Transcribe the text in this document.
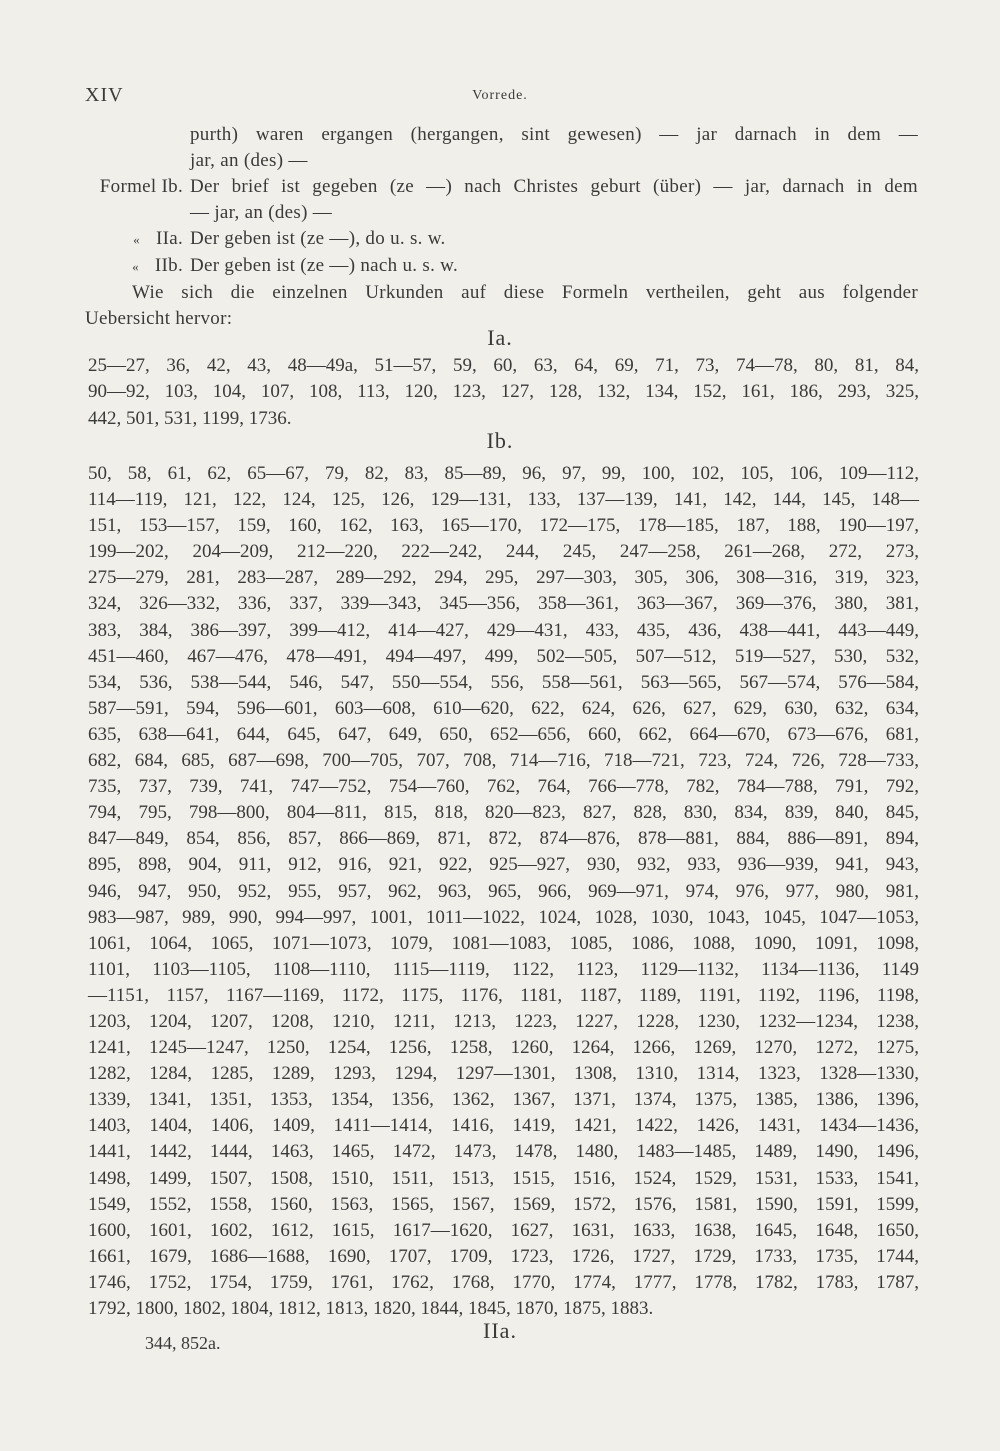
XIV	Vorrede.
purth) waren ergangen (hergangen, sint gewesen) — jar darnach in dem —
jar, an (des) —
Formel Ib. Der brief ist gegeben (ze —) nach Christes geburt (über) — jar, darnach in dem
— jar, an (des) —
« IIa. Der geben ist (ze —), do u. s. w.
« IIb. Der geben ist (ze —) nach u. s. w.
Wie sich die einzelnen Urkunden auf diese Formeln vertheilen, geht aus folgender
Uebersicht hervor:
Ia.
25—27, 36, 42, 43, 48—49a, 51—57, 59, 60, 63, 64, 69, 71, 73, 74—78, 80, 81, 84,
90—92, 103, 104, 107, 108, 113, 120, 123, 127, 128, 132, 134, 152, 161, 186, 293, 325,
442, 501, 531, 1199, 1736.
Ib.
50, 58, 61, 62, 65—67, 79, 82, 83, 85—89, 96, 97, 99, 100, 102, 105, 106, 109—112,
114—119, 121, 122, 124, 125, 126, 129—131, 133, 137—139, 141, 142, 144, 145, 148—
151, 153—157, 159, 160, 162, 163, 165—170, 172—175, 178—185, 187, 188, 190—197,
199—202, 204—209, 212—220, 222—242, 244, 245, 247—258, 261—268, 272, 273,
275—279, 281, 283—287, 289—292, 294, 295, 297—303, 305, 306, 308—316, 319, 323,
324, 326—332, 336, 337, 339—343, 345—356, 358—361, 363—367, 369—376, 380, 381,
383, 384, 386—397, 399—412, 414—427, 429—431, 433, 435, 436, 438—441, 443—449,
451—460, 467—476, 478—491, 494—497, 499, 502—505, 507—512, 519—527, 530, 532,
534, 536, 538—544, 546, 547, 550—554, 556, 558—561, 563—565, 567—574, 576—584,
587—591, 594, 596—601, 603—608, 610—620, 622, 624, 626, 627, 629, 630, 632, 634,
635, 638—641, 644, 645, 647, 649, 650, 652—656, 660, 662, 664—670, 673—676, 681,
682, 684, 685, 687—698, 700—705, 707, 708, 714—716, 718—721, 723, 724, 726, 728—733,
735, 737, 739, 741, 747—752, 754—760, 762, 764, 766—778, 782, 784—788, 791, 792,
794, 795, 798—800, 804—811, 815, 818, 820—823, 827, 828, 830, 834, 839, 840, 845,
847—849, 854, 856, 857, 866—869, 871, 872, 874—876, 878—881, 884, 886—891, 894,
895, 898, 904, 911, 912, 916, 921, 922, 925—927, 930, 932, 933, 936—939, 941, 943,
946, 947, 950, 952, 955, 957, 962, 963, 965, 966, 969—971, 974, 976, 977, 980, 981,
983—987, 989, 990, 994—997, 1001, 1011—1022, 1024, 1028, 1030, 1043, 1045, 1047—1053,
1061, 1064, 1065, 1071—1073, 1079, 1081—1083, 1085, 1086, 1088, 1090, 1091, 1098,
1101, 1103—1105, 1108—1110, 1115—1119, 1122, 1123, 1129—1132, 1134—1136, 1149
—1151, 1157, 1167—1169, 1172, 1175, 1176, 1181, 1187, 1189, 1191, 1192, 1196, 1198,
1203, 1204, 1207, 1208, 1210, 1211, 1213, 1223, 1227, 1228, 1230, 1232—1234, 1238,
1241, 1245—1247, 1250, 1254, 1256, 1258, 1260, 1264, 1266, 1269, 1270, 1272, 1275,
1282, 1284, 1285, 1289, 1293, 1294, 1297—1301, 1308, 1310, 1314, 1323, 1328—1330,
1339, 1341, 1351, 1353, 1354, 1356, 1362, 1367, 1371, 1374, 1375, 1385, 1386, 1396,
1403, 1404, 1406, 1409, 1411—1414, 1416, 1419, 1421, 1422, 1426, 1431, 1434—1436,
1441, 1442, 1444, 1463, 1465, 1472, 1473, 1478, 1480, 1483—1485, 1489, 1490, 1496,
1498, 1499, 1507, 1508, 1510, 1511, 1513, 1515, 1516, 1524, 1529, 1531, 1533, 1541,
1549, 1552, 1558, 1560, 1563, 1565, 1567, 1569, 1572, 1576, 1581, 1590, 1591, 1599,
1600, 1601, 1602, 1612, 1615, 1617—1620, 1627, 1631, 1633, 1638, 1645, 1648, 1650,
1661, 1679, 1686—1688, 1690, 1707, 1709, 1723, 1726, 1727, 1729, 1733, 1735, 1744,
1746, 1752, 1754, 1759, 1761, 1762, 1768, 1770, 1774, 1777, 1778, 1782, 1783, 1787,
1792, 1800, 1802, 1804, 1812, 1813, 1820, 1844, 1845, 1870, 1875, 1883.
IIa.
344, 852a.
